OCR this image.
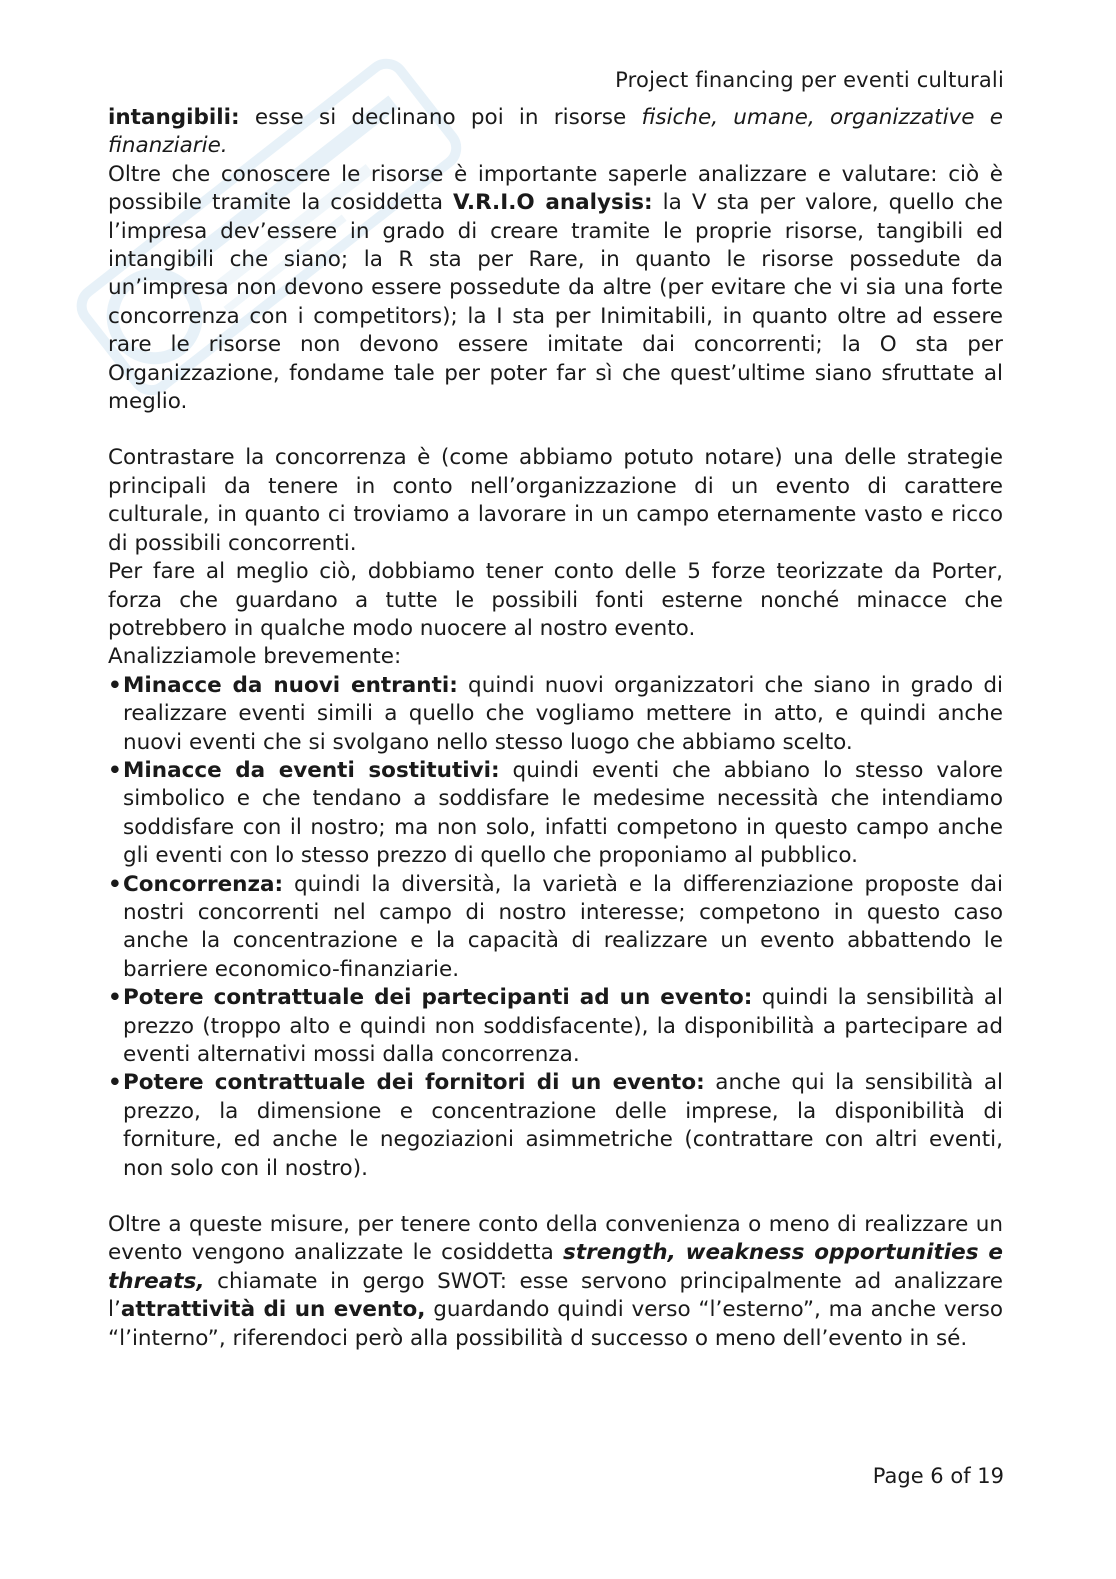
Project financing per eventi culturali

intangibili: esse si declinano poi in risorse fisiche, umane, organizzative e finanziarie.

Oltre che conoscere le risorse è importante saperle analizzare e valutare: ciò è possibile tramite la cosiddetta V.R.I.O analysis: la V sta per valore, quello che l’impresa dev’essere in grado di creare tramite le proprie risorse, tangibili ed intangibili che siano; la R sta per Rare, in quanto le risorse possedute da un’impresa non devono essere possedute da altre (per evitare che vi sia una forte concorrenza con i competitors); la I sta per Inimitabili, in quanto oltre ad essere rare le risorse non devono essere imitate dai concorrenti; la O sta per Organizzazione, fondame tale per poter far sì che quest’ultime siano sfruttate al meglio.

Contrastare la concorrenza è (come abbiamo potuto notare) una delle strategie principali da tenere in conto nell’organizzazione di un evento di carattere culturale, in quanto ci troviamo a lavorare in un campo eternamente vasto e ricco di possibili concorrenti.

Per fare al meglio ciò, dobbiamo tener conto delle 5 forze teorizzate da Porter, forza che guardano a tutte le possibili fonti esterne nonché minacce che potrebbero in qualche modo nuocere al nostro evento.

Analizziamole brevemente:

• Minacce da nuovi entranti: quindi nuovi organizzatori che siano in grado di realizzare eventi simili a quello che vogliamo mettere in atto, e quindi anche nuovi eventi che si svolgano nello stesso luogo che abbiamo scelto.
• Minacce da eventi sostitutivi: quindi eventi che abbiano lo stesso valore simbolico e che tendano a soddisfare le medesime necessità che intendiamo soddisfare con il nostro; ma non solo, infatti competono in questo campo anche gli eventi con lo stesso prezzo di quello che proponiamo al pubblico.
• Concorrenza: quindi la diversità, la varietà e la differenziazione proposte dai nostri concorrenti nel campo di nostro interesse; competono in questo caso anche la concentrazione e la capacità di realizzare un evento abbattendo le barriere economico-finanziarie.
• Potere contrattuale dei partecipanti ad un evento: quindi la sensibilità al prezzo (troppo alto e quindi non soddisfacente), la disponibilità a partecipare ad eventi alternativi mossi dalla concorrenza.
• Potere contrattuale dei fornitori di un evento: anche qui la sensibilità al prezzo, la dimensione e concentrazione delle imprese, la disponibilità di forniture, ed anche le negoziazioni asimmetriche (contrattare con altri eventi, non solo con il nostro).

Oltre a queste misure, per tenere conto della convenienza o meno di realizzare un evento vengono analizzate le cosiddetta strength, weakness opportunities e threats, chiamate in gergo SWOT: esse servono principalmente ad analizzare l’attrattività di un evento, guardando quindi verso “l’esterno”, ma anche verso “l’interno”, riferendoci però alla possibilità d successo o meno dell’evento in sé.

Page 6 of 19
